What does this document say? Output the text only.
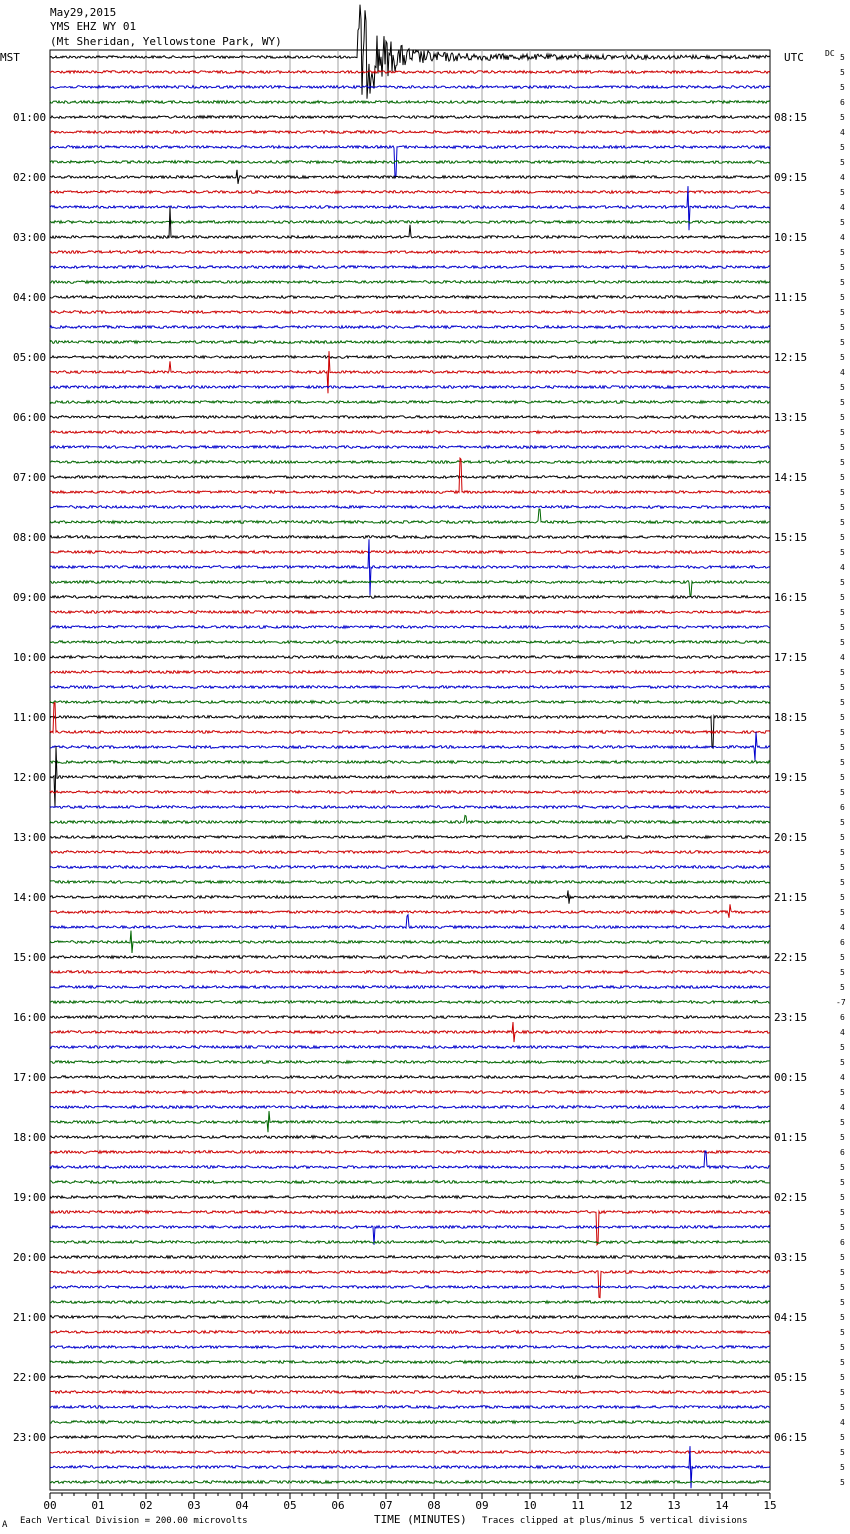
May29,2015
YMS EHZ WY 01
(Mt Sheridan, Yellowstone Park, WY)
MST	UTC	DC
01:00
02:00
03:00
04:00
05:00
06:00
07:00
08:00
09:00
10:00
11:00
12:00
13:00
14:00
15:00
16:00
17:00
18:00
19:00
20:00
21:00
22:00
23:00
08:15
09:15
10:15
11:15
12:15
13:15
14:15
15:15
16:15
17:15
18:15
19:15
20:15
21:15
22:15
23:15
00:15
01:15
02:15
03:15
04:15
05:15
06:15
5
5
5
6
5
4
5
5
4
5
4
5
4
5
5
5
5
5
5
5
5
4
5
5
5
5
5
5
5
5
5
5
5
5
4
5
5
5
5
5
4
5
5
5
5
5
5
5
5
5
6
5
5
5
5
5
5
5
4
6
5
5
5
-7
6
4
5
5
4
5
4
5
5
6
5
5
5
5
5
6
5
5
5
5
5
5
5
5
5
5
5
4
5
5
5
5
00	01	02	03	04	05	06	07	08	09	10	11	12	13	14	15
TIME (MINUTES)
Each Vertical Division = 200.00 microvolts	Traces clipped at plus/minus 5 vertical divisions
A
